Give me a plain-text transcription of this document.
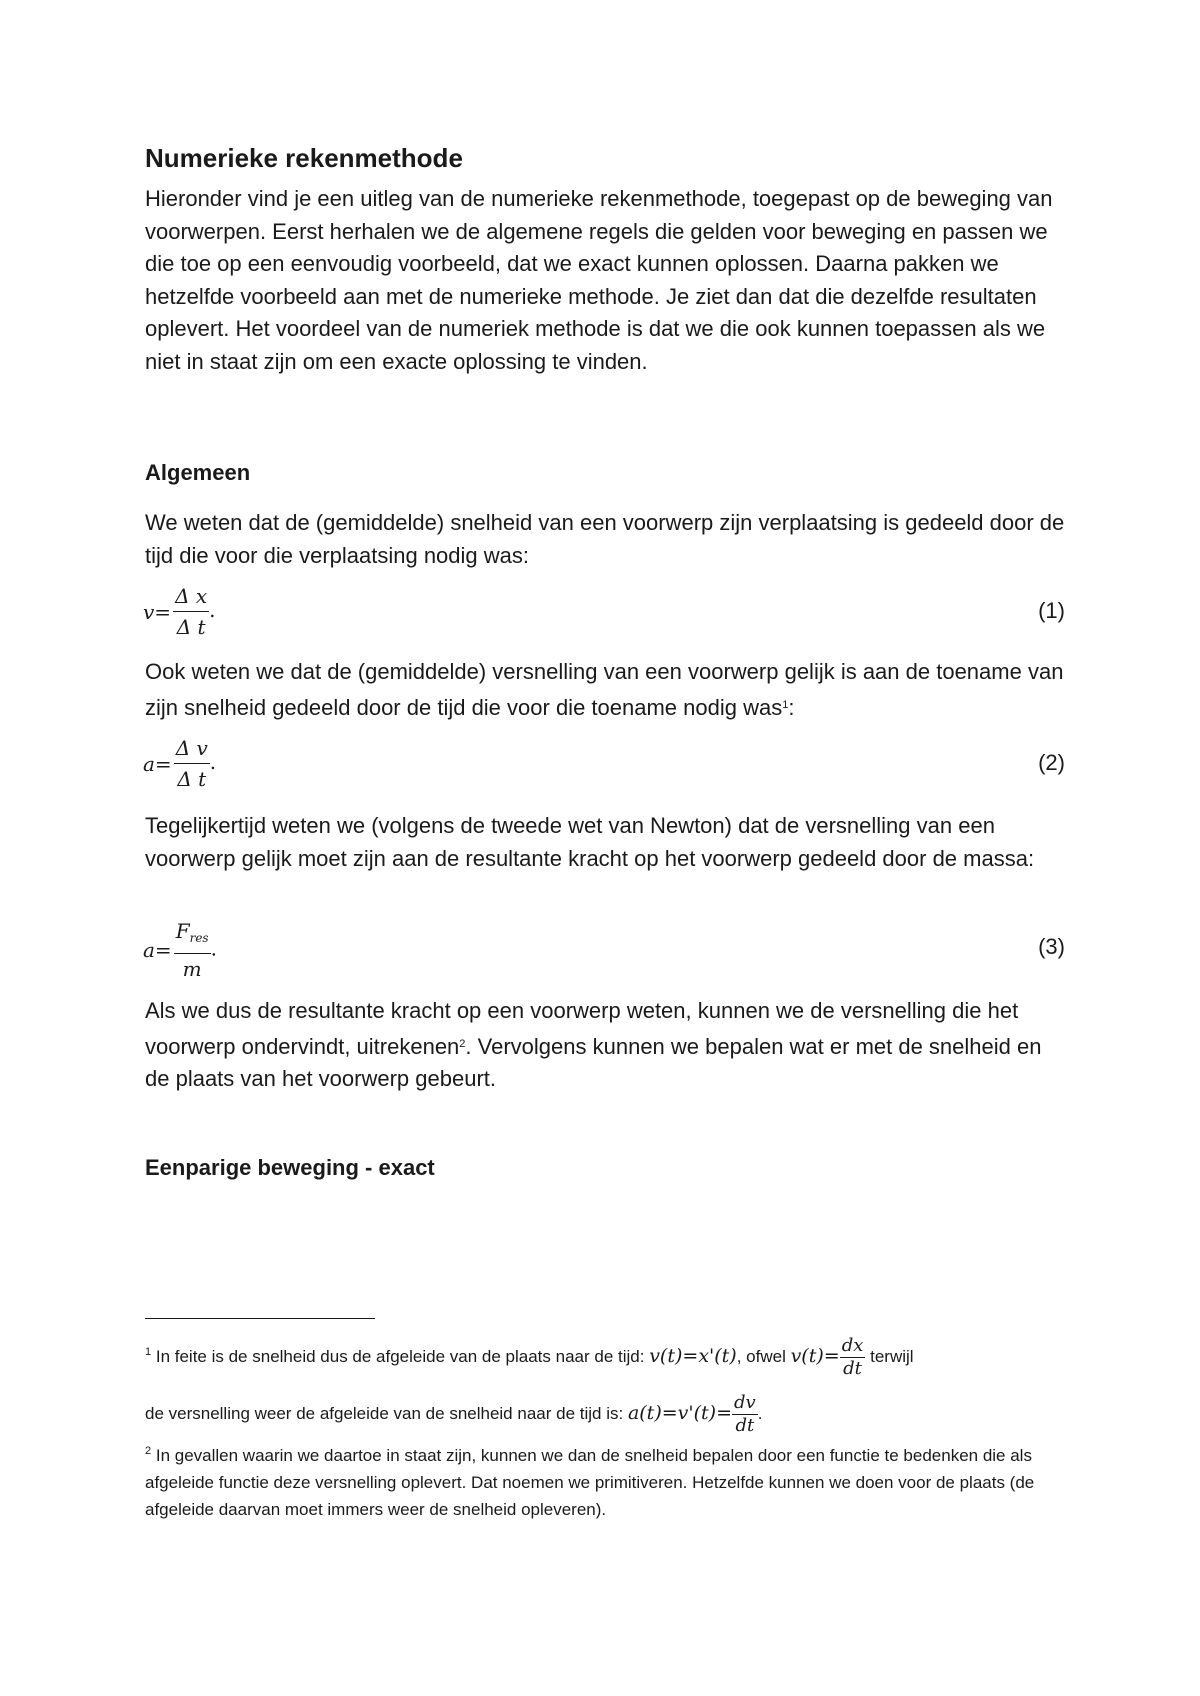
Numerieke rekenmethode

Hieronder vind je een uitleg van de numerieke rekenmethode, toegepast op de beweging van voorwerpen. Eerst herhalen we de algemene regels die gelden voor beweging en passen we die toe op een eenvoudig voorbeeld, dat we exact kunnen oplossen. Daarna pakken we hetzelfde voorbeeld aan met de numerieke methode. Je ziet dan dat die dezelfde resultaten oplevert. Het voordeel van de numeriek methode is dat we die ook kunnen toepassen als we niet in staat zijn om een exacte oplossing te vinden.

Algemeen

We weten dat de (gemiddelde) snelheid van een voorwerp zijn verplaatsing is gedeeld door de tijd die voor die verplaatsing nodig was:

$v= \frac{\text{Δ x}}{\text{Δ t}}$ .	(1)

Ook weten we dat de (gemiddelde) versnelling van een voorwerp gelijk is aan de toename van zijn snelheid gedeeld door de tijd die voor die toename nodig was$^1$:

$a= \frac{\text{Δ v}}{\text{Δ t}}$ .	(2)

Tegelijkertijd weten we (volgens de tweede wet van Newton) dat de versnelling van een voorwerp gelijk moet zijn aan de resultante kracht op het voorwerp gedeeld door de massa:

$a= \frac{F_{res}}{m}$ .	(3)

Als we dus de resultante kracht op een voorwerp weten, kunnen we de versnelling die het voorwerp ondervindt, uitrekenen$^2$. Vervolgens kunnen we bepalen wat er met de snelheid en de plaats van het voorwerp gebeurt.

Eenparige beweging - exact

$^1$ In feite is de snelheid dus de afgeleide van de plaats naar de tijd: v(t)=x'(t), ofwel $v(t)= \frac{dx}{dt}$ terwijl

de versnelling weer de afgeleide van de snelheid naar de tijd is: $a(t)=v'(t)= \frac{dv}{dt}$ .

$^2$ In gevallen waarin we daartoe in staat zijn, kunnen we dan de snelheid bepalen door een functie te bedenken die als afgeleide functie deze versnelling oplevert. Dat noemen we primitiveren. Hetzelfde kunnen we doen voor de plaats (de afgeleide daarvan moet immers weer de snelheid opleveren).
